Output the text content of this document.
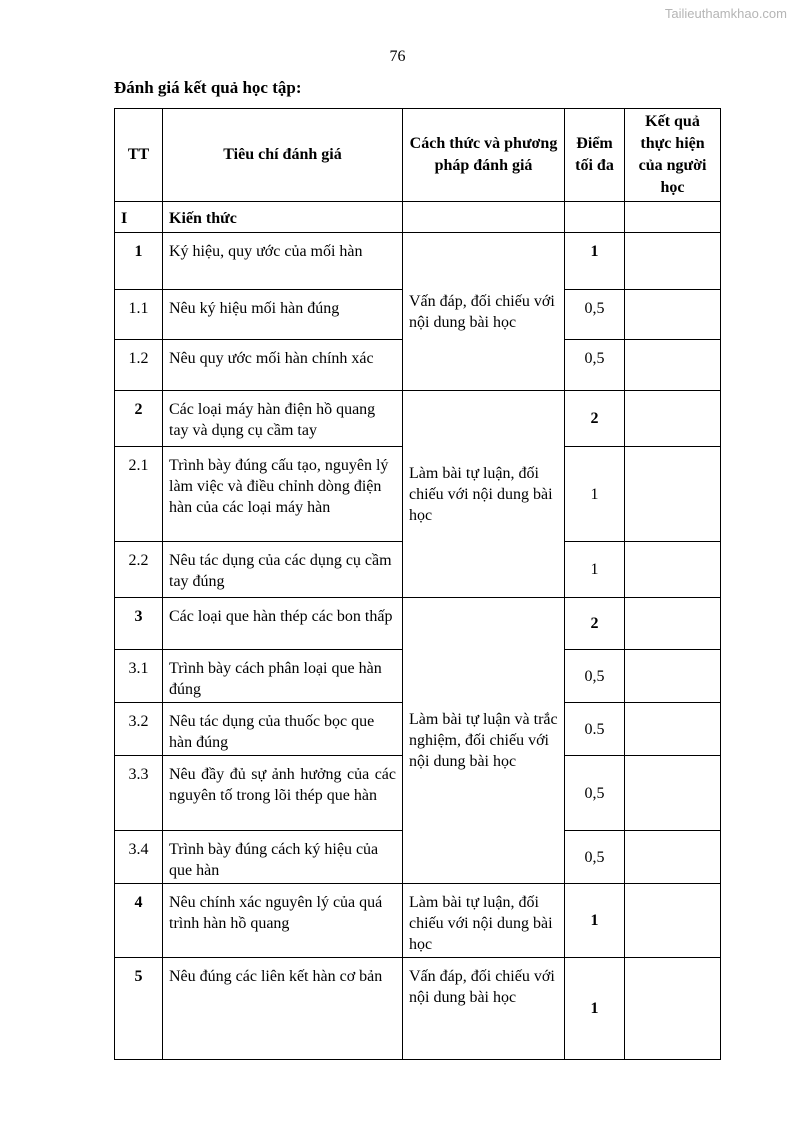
Tailieuthamkhao.com
76
Đánh giá kết quả học tập:
TT	Tiêu chí đánh giá	Cách thức và phương pháp đánh giá	Điểm tối đa	Kết quả thực hiện của người học
I	Kiến thức			
1	Ký hiệu, quy ước của mối hàn	Vấn đáp, đối chiếu với nội dung bài học	1	
1.1	Nêu ký hiệu mối hàn đúng		0,5	
1.2	Nêu quy ước mối hàn chính xác		0,5	
2	Các loại máy hàn điện hồ quang tay và dụng cụ cầm tay	Làm bài tự luận, đối chiếu với nội dung bài học	2	
2.1	Trình bày đúng cấu tạo, nguyên lý làm việc và điều chỉnh dòng điện hàn của các loại máy hàn		1	
2.2	Nêu tác dụng của các dụng cụ cầm tay đúng		1	
3	Các loại que hàn thép các bon thấp	Làm bài tự luận và trắc nghiệm, đối chiếu với nội dung bài học	2	
3.1	Trình bày cách phân loại que hàn đúng		0,5	
3.2	Nêu tác dụng của thuốc bọc que hàn đúng		0.5	
3.3	Nêu đầy đủ sự ảnh hưởng của các nguyên tố trong lõi thép que hàn		0,5	
3.4	Trình bày đúng cách ký hiệu của que hàn		0,5	
4	Nêu chính xác nguyên lý của quá trình hàn hồ quang	Làm bài tự luận, đối chiếu với nội dung bài học	1	
5	Nêu đúng các liên kết hàn cơ bản	Vấn đáp, đối chiếu với nội dung bài học	1	
